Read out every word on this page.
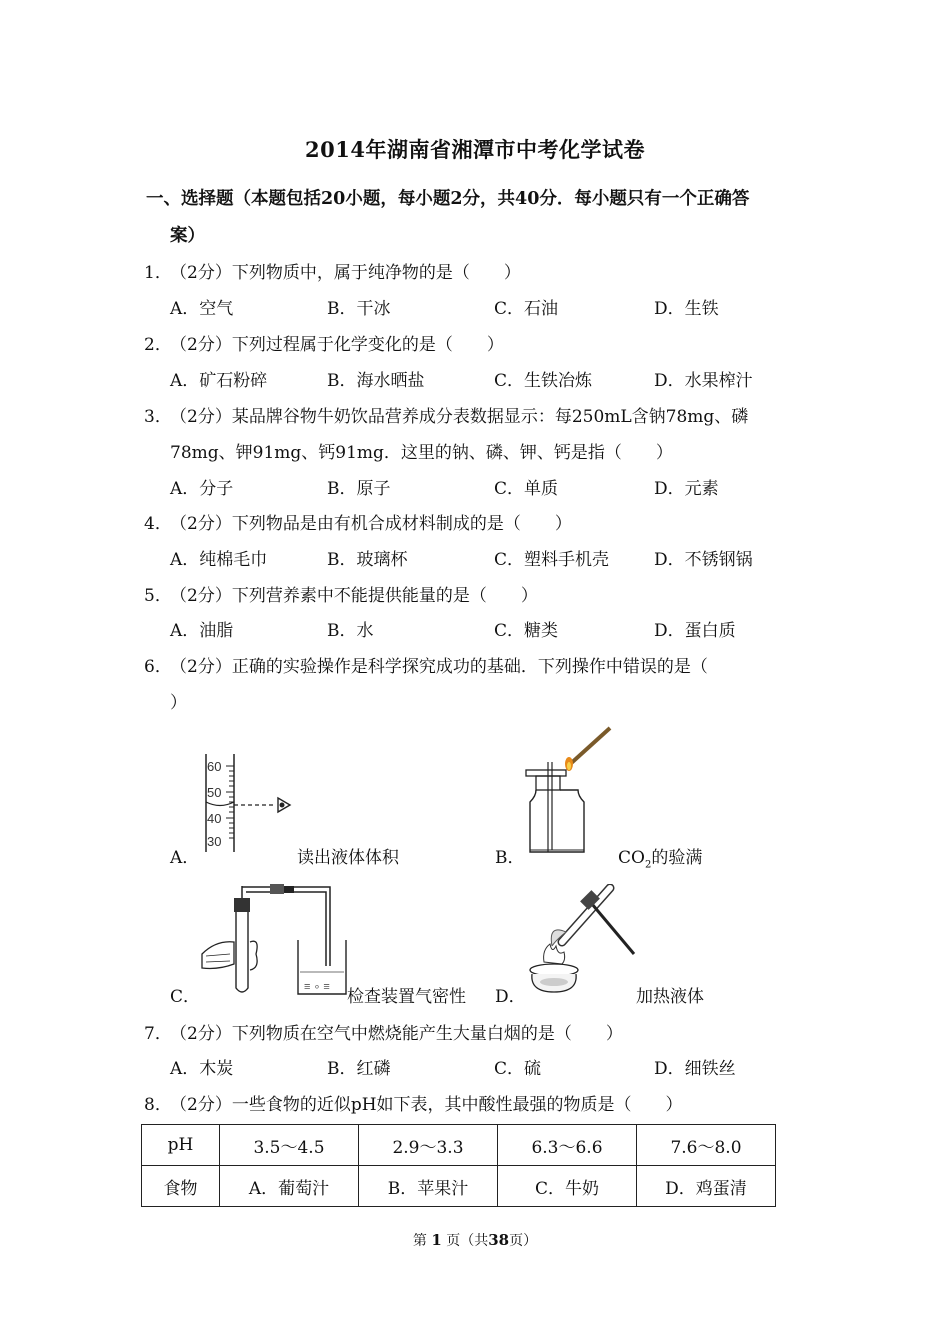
2014年湖南省湘潭市中考化学试卷
一、选择题（本题包括20小题，每小题2分，共40分．每小题只有一个正确答
案）
1．（2分）下列物质中，属于纯净物的是（　　）
A．空气	B．干冰	C．石油	D．生铁
2．（2分）下列过程属于化学变化的是（　　）
A．矿石粉碎	B．海水晒盐	C．生铁冶炼	D．水果榨汁
3．（2分）某品牌谷物牛奶饮品营养成分表数据显示：每250mL含钠78mg、磷
78mg、钾91mg、钙91mg．这里的钠、磷、钾、钙是指（　　）
A．分子	B．原子	C．单质	D．元素
4．（2分）下列物品是由有机合成材料制成的是（　　）
A．纯棉毛巾	B．玻璃杯	C．塑料手机壳	D．不锈钢锅
5．（2分）下列营养素中不能提供能量的是（　　）
A．油脂	B．水	C．糖类	D．蛋白质
6．（2分）正确的实验操作是科学探究成功的基础．下列操作中错误的是（
）
60
50
40
30
A．	读出液体体积	B．	$CO_2$的验满
≡ ∘ ≡
C．	检查装置气密性 D．	加热液体
7．（2分）下列物质在空气中燃烧能产生大量白烟的是（　　）
A．木炭	B．红磷	C．硫	D．细铁丝
8．（2分）一些食物的近似pH如下表，其中酸性最强的物质是（　　）
pH	3.5～4.5	2.9～3.3	6.3～6.6	7.6～8.0
食物	A．葡萄汁	B．苹果汁	C．牛奶	D．鸡蛋清
第 1 页（共38页）
